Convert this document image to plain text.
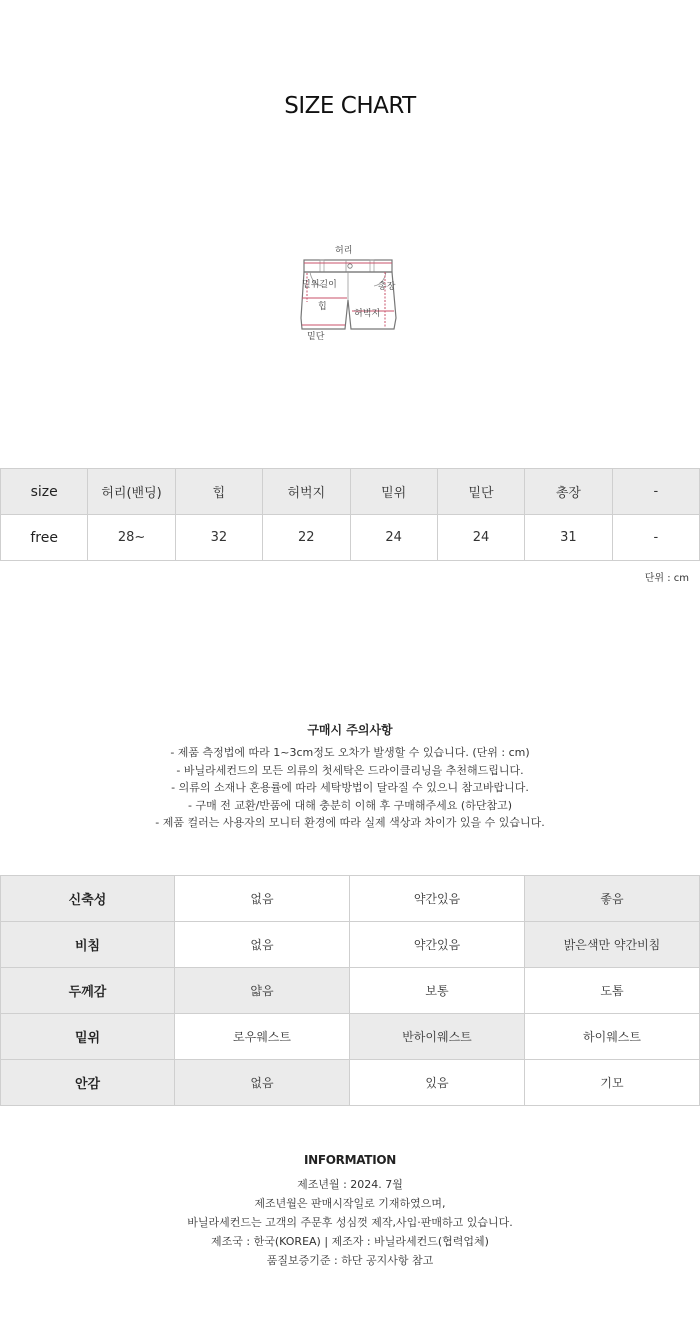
SIZE CHART
허리
밑위길이	총장
힙
허벅지
밑단
size	허리(밴딩)	힙	허벅지	밑위	밑단	총장	-
free	28~	32	22	24	24	31	-
단위 : cm
구매시 주의사항
- 제품 측정법에 따라 1~3cm정도 오차가 발생할 수 있습니다. (단위 : cm)
- 바닐라세컨드의 모든 의류의 첫세탁은 드라이클리닝을 추천해드립니다.
- 의류의 소재나 혼용률에 따라 세탁방법이 달라질 수 있으니 참고바랍니다.
- 구매 전 교환/반품에 대해 충분히 이해 후 구매해주세요 (하단참고)
- 제품 컬러는 사용자의 모니터 환경에 따라 실제 색상과 차이가 있을 수 있습니다.
신축성	없음	약간있음	좋음
비침	없음	약간있음	밝은색만 약간비침
두께감	얇음	보통	도톰
밑위	로우웨스트	반하이웨스트	하이웨스트
안감	없음	있음	기모
INFORMATION
제조년월 : 2024. 7월
제조년월은 판매시작일로 기재하였으며,
바닐라세컨드는 고객의 주문후 성심껏 제작,사입·판매하고 있습니다.
제조국 : 한국(KOREA) | 제조자 : 바닐라세컨드(협력업체)
품질보증기준 : 하단 공지사항 참고
